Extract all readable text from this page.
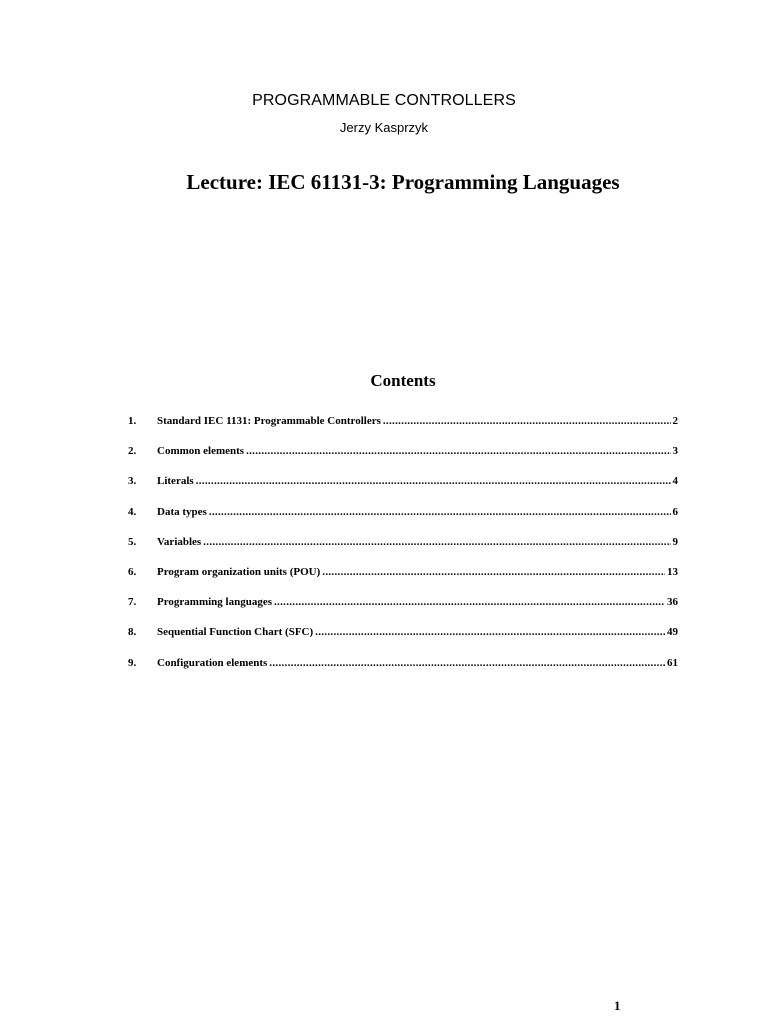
PROGRAMMABLE CONTROLLERS
Jerzy Kasprzyk
Lecture: IEC 61131-3: Programming Languages
Contents
1.	Standard IEC 1131: Programmable Controllers .....	2
2.	Common elements .....	3
3.	Literals .....	4
4.	Data types .....	6
5.	Variables .....	9
6.	Program organization units (POU) .....	13
7.	Programming languages .....	36
8.	Sequential Function Chart (SFC) .....	49
9.	Configuration elements .....	61
1
